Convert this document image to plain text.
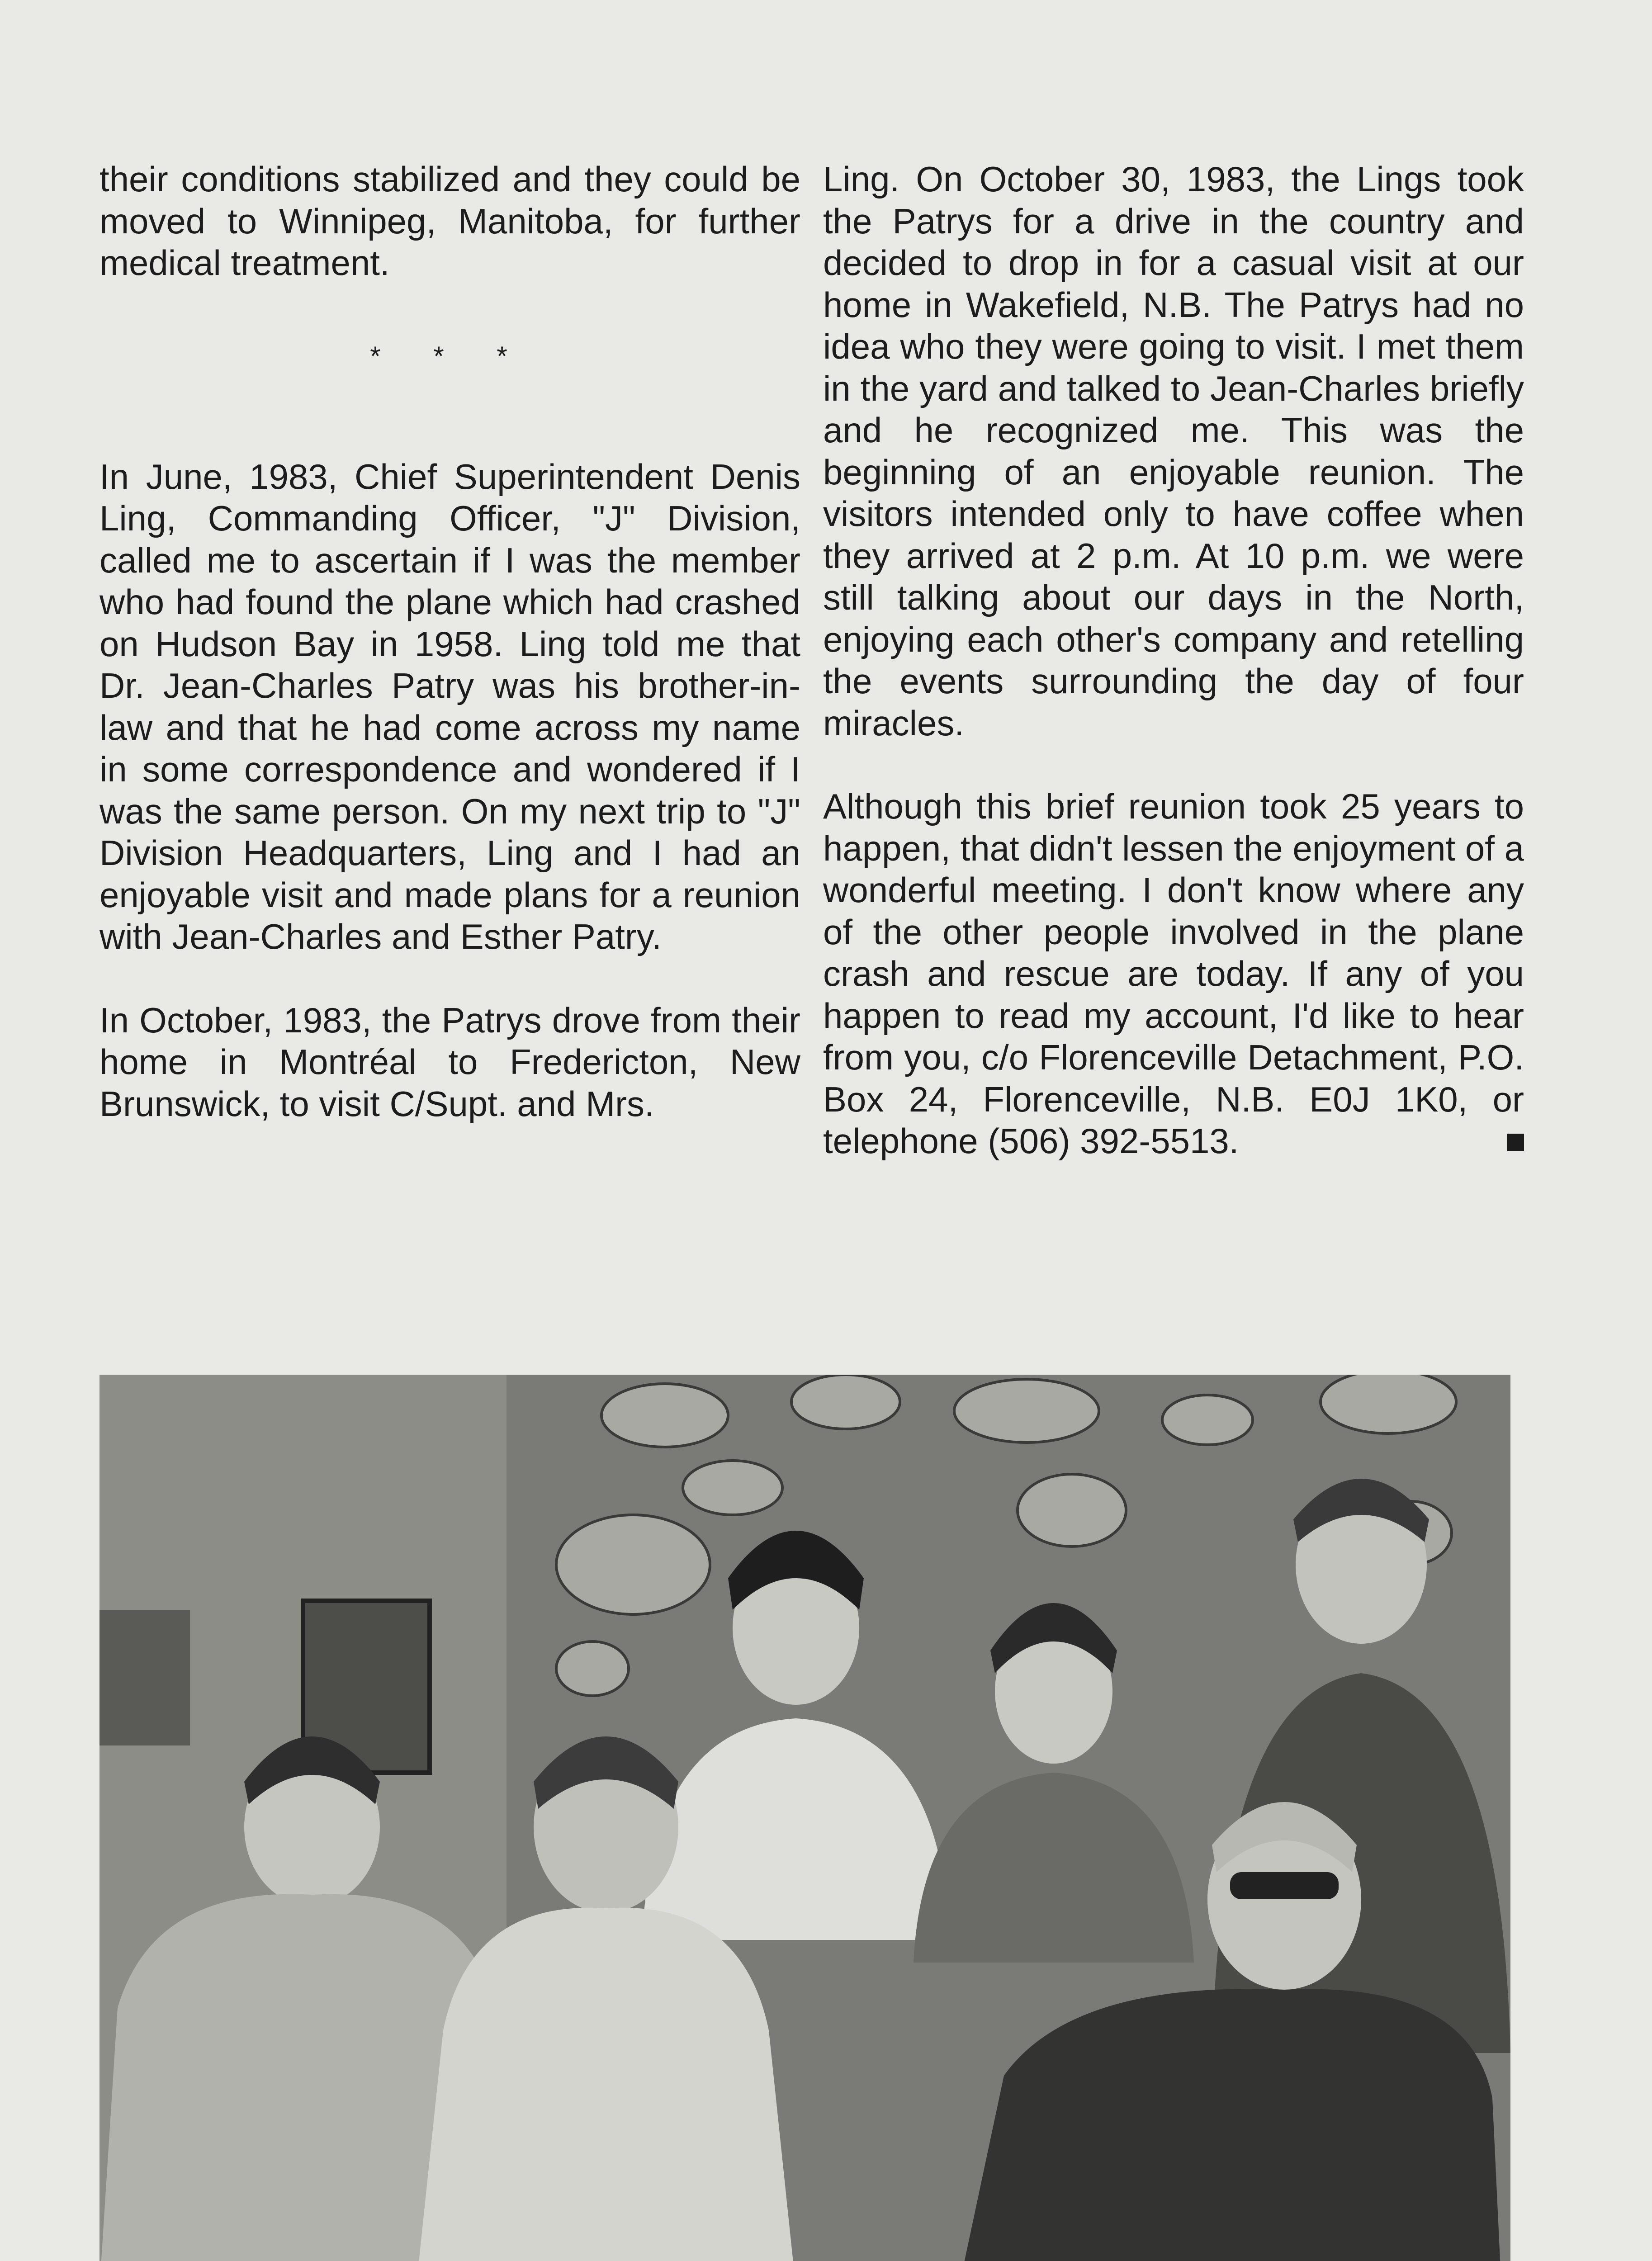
their conditions stabilized and they could be moved to Winnipeg, Manitoba, for further medical treatment.

* * *

In June, 1983, Chief Superintendent Denis Ling, Commanding Officer, "J" Division, called me to ascertain if I was the member who had found the plane which had crashed on Hudson Bay in 1958. Ling told me that Dr. Jean-Charles Patry was his brother-in-law and that he had come across my name in some correspondence and wondered if I was the same person. On my next trip to "J" Division Headquarters, Ling and I had an enjoyable visit and made plans for a reunion with Jean-Charles and Esther Patry.

In October, 1983, the Patrys drove from their home in Montréal to Fredericton, New Brunswick, to visit C/Supt. and Mrs.

Ling. On October 30, 1983, the Lings took the Patrys for a drive in the country and decided to drop in for a casual visit at our home in Wakefield, N.B. The Patrys had no idea who they were going to visit. I met them in the yard and talked to Jean-Charles briefly and he recognized me. This was the beginning of an enjoyable reunion. The visitors intended only to have coffee when they arrived at 2 p.m. At 10 p.m. we were still talking about our days in the North, enjoying each other's company and retelling the events surrounding the day of four miracles.

Although this brief reunion took 25 years to happen, that didn't lessen the enjoyment of a wonderful meeting. I don't know where any of the other people involved in the plane crash and rescue are today. If any of you happen to read my account, I'd like to hear from you, c/o Florenceville Detachment, P.O. Box 24, Florenceville, N.B. E0J 1K0, or telephone (506) 392-5513.
